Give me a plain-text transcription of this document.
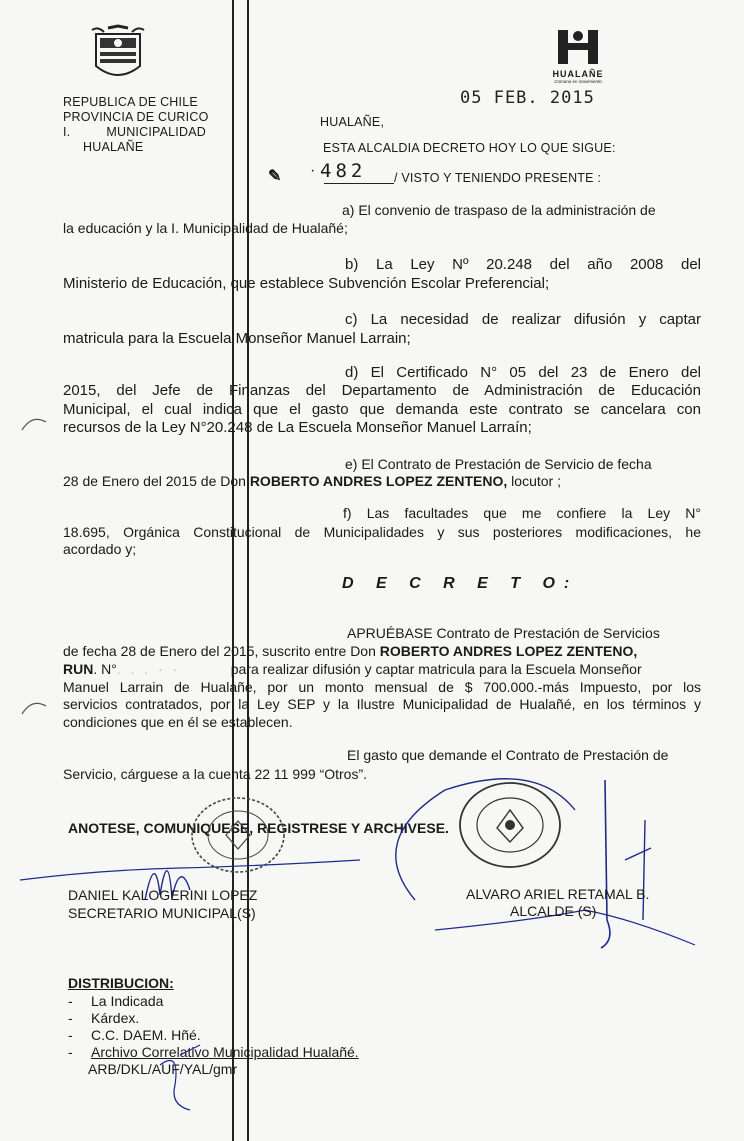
REPUBLICA DE CHILE
PROVINCIA DE CURICO
I.	MUNICIPALIDAD
HUALAÑE
HUALAÑE
Comuna en movimiento
05 FEB. 2015
HUALAÑE,
ESTA ALCALDIA DECRETO HOY LO QUE SIGUE:
✎ · 482 / VISTO Y TENIENDO PRESENTE :
a) El convenio de traspaso de la administración de
la educación y la I. Municipalidad de Hualañé;
b) La Ley Nº 20.248 del año 2008 del
Ministerio de Educación, que establece Subvención Escolar Preferencial;
c) La necesidad de realizar difusión y captar
matricula para la Escuela Monseñor Manuel Larrain;
d) El Certificado N° 05 del 23 de Enero del
2015, del Jefe de Finanzas del Departamento de Administración de Educación
Municipal, el cual indica que el gasto que demanda este contrato se cancelara con
recursos de la Ley N°20.248 de La Escuela Monseñor Manuel Larraín;
e) El Contrato de Prestación de Servicio de fecha
28 de Enero del 2015 de Don ROBERTO ANDRES LOPEZ ZENTENO, locutor ;
f) Las facultades que me confiere la Ley N°
18.695, Orgánica Constitucional de Municipalidades y sus posteriores modificaciones, he
acordado y;
D E C R E T O:
APRUÉBASE Contrato de Prestación de Servicios
de fecha 28 de Enero del 2015, suscrito entre Don ROBERTO ANDRES LOPEZ ZENTENO,
RUN. N°. . . · ·	para realizar difusión y captar matricula para la Escuela Monseñor
Manuel Larrain de Hualañe, por un monto mensual de $ 700.000.-más Impuesto, por los
servicios contratados, por la Ley SEP y la Ilustre Municipalidad de Hualañé, en los términos y
condiciones que en él se establecen.
El gasto que demande el Contrato de Prestación de
Servicio, cárguese a la cuenta 22 11 999 “Otros”.
ANOTESE, COMUNIQUESE, REGISTRESE Y ARCHIVESE.
DANIEL KALOGERINI LOPEZ
SECRETARIO MUNICIPAL(S)
ALVARO ARIEL RETAMAL B.
ALCALDE (S)
DISTRIBUCION:
- La Indicada
- Kárdex.
- C.C. DAEM. Hñé.
- Archivo Correlativo Municipalidad Hualañé.
ARB/DKL/AUF/YAL/gmr
